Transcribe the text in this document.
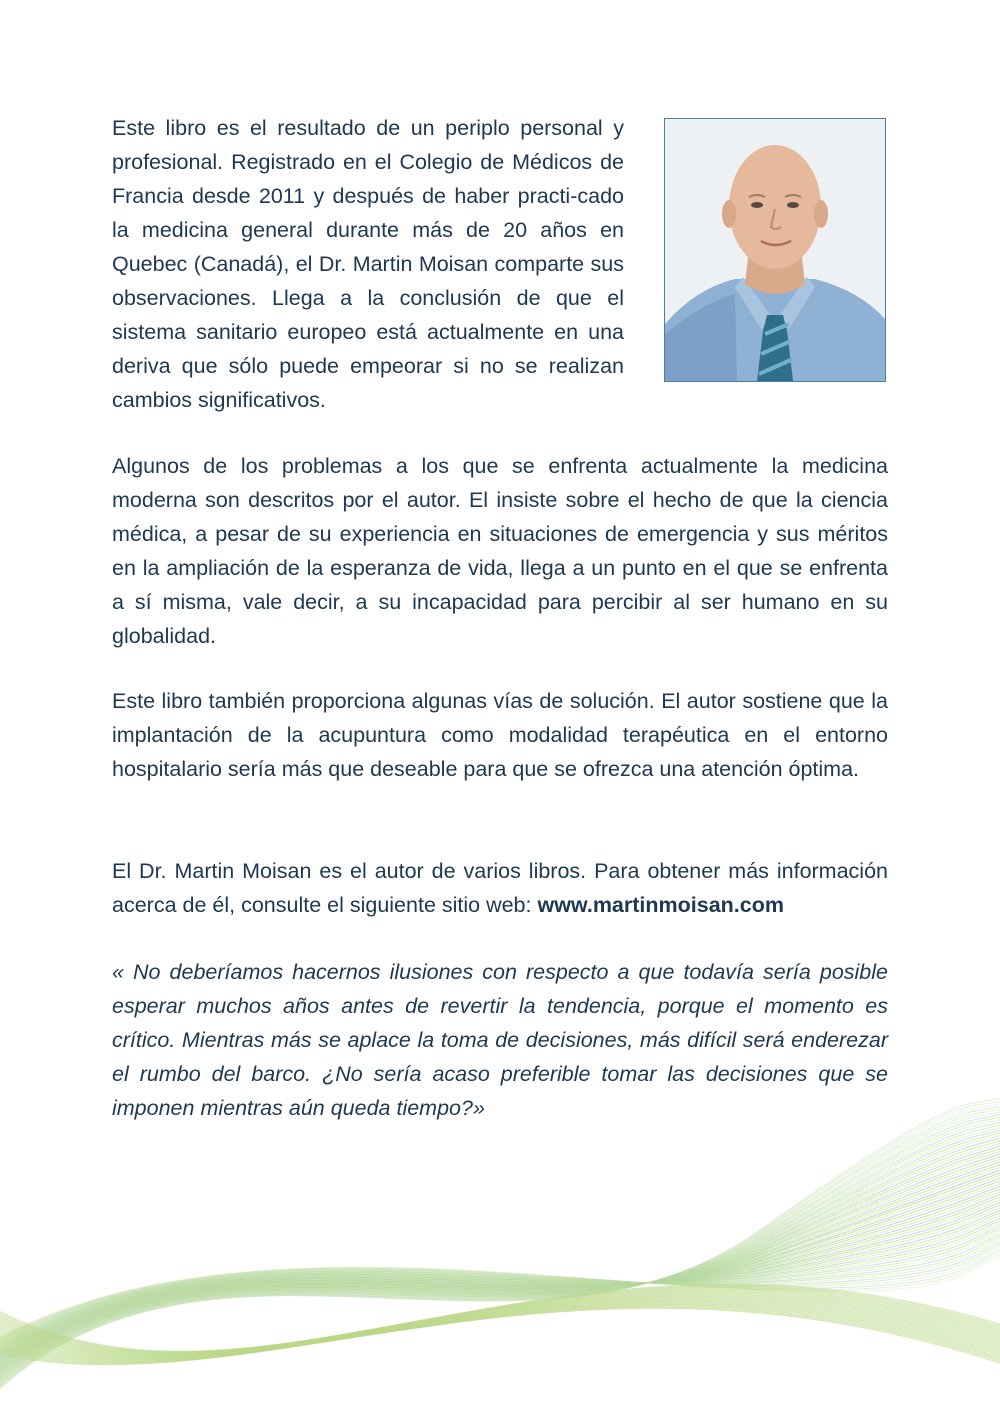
Este libro es el resultado de un periplo personal y profesional. Registrado en el Colegio de Médicos de Francia desde 2011 y después de haber practi-cado la medicina general durante más de 20 años en Quebec (Canadá), el Dr. Martin Moisan comparte sus observaciones. Llega a la conclusión de que el sistema sanitario europeo está actualmente en una deriva que sólo puede empeorar si no se realizan cambios significativos.

Algunos de los problemas a los que se enfrenta actualmente la medicina moderna son descritos por el autor. El insiste sobre el hecho de que la ciencia médica, a pesar de su experiencia en situaciones de emergencia y sus méritos en la ampliación de la esperanza de vida, llega a un punto en el que se enfrenta a sí misma, vale decir, a su incapacidad para percibir al ser humano en su globalidad.

Este libro también proporciona algunas vías de solución. El autor sostiene que la implantación de la acupuntura como modalidad terapéutica en el entorno hospitalario sería más que deseable para que se ofrezca una atención óptima.

El Dr. Martin Moisan es el autor de varios libros. Para obtener más información acerca de él, consulte el siguiente sitio web: www.martinmoisan.com

« No deberíamos hacernos ilusiones con respecto a que todavía sería posible esperar muchos años antes de revertir la tendencia, porque el momento es crítico. Mientras más se aplace la toma de decisiones, más difícil será enderezar el rumbo del barco. ¿No sería acaso preferible tomar las decisiones que se imponen mientras aún queda tiempo?»
